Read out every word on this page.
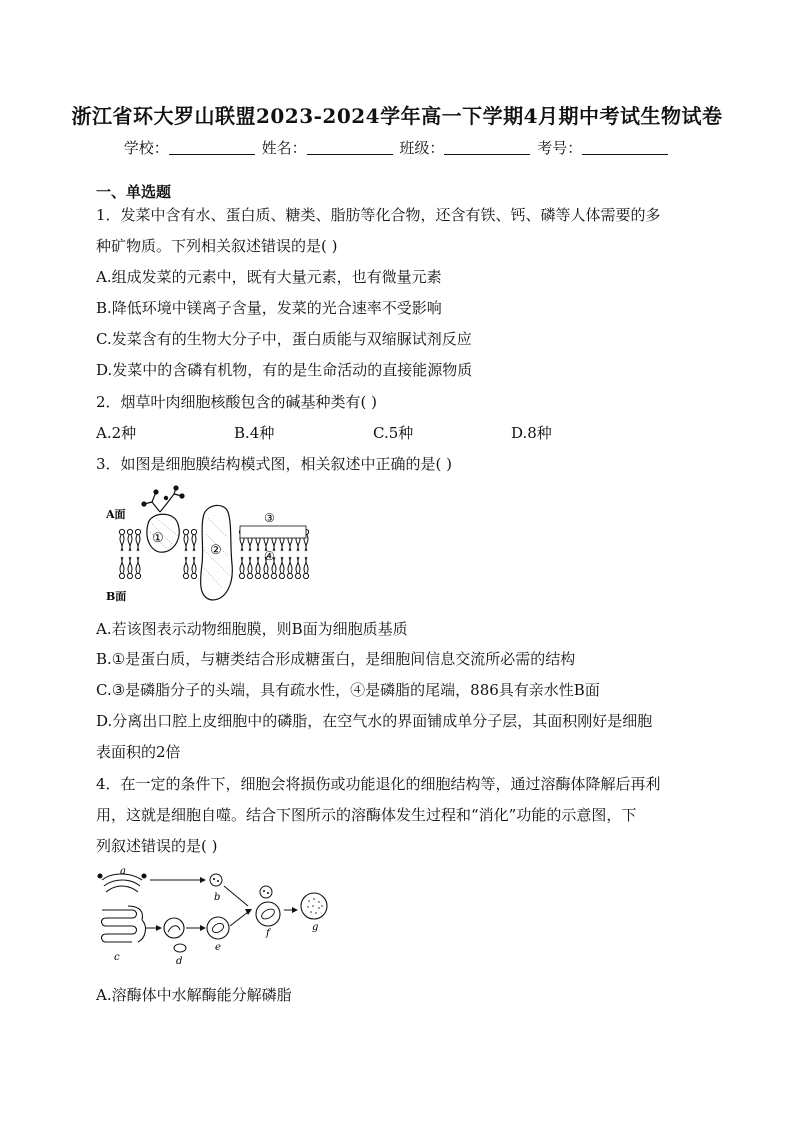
浙江省环大罗山联盟2023-2024学年高一下学期4月期中考试生物试卷
学校：	姓名：	班级：	考号：
一、单选题
1．发菜中含有水、蛋白质、糖类、脂肪等化合物，还含有铁、钙、磷等人体需要的多
种矿物质。下列相关叙述错误的是( )
A.组成发菜的元素中，既有大量元素，也有微量元素
B.降低环境中镁离子含量，发菜的光合速率不受影响
C.发菜含有的生物大分子中，蛋白质能与双缩脲试剂反应
D.发菜中的含磷有机物，有的是生命活动的直接能源物质
2．烟草叶肉细胞核酸包含的碱基种类有( )
A.2种	B.4种	C.5种	D.8种
3．如图是细胞膜结构模式图，相关叙述中正确的是( )
A面
B面
①
②
③
④
A.若该图表示动物细胞膜，则B面为细胞质基质
B.①是蛋白质，与糖类结合形成糖蛋白，是细胞间信息交流所必需的结构
C.③是磷脂分子的头端，具有疏水性，④是磷脂的尾端，886具有亲水性B面
D.分离出口腔上皮细胞中的磷脂，在空气水的界面铺成单分子层，其面积刚好是细胞
表面积的2倍
4．在一定的条件下，细胞会将损伤或功能退化的细胞结构等，通过溶酶体降解后再利
用，这就是细胞自噬。结合下图所示的溶酶体发生过程和“消化”功能的示意图，下
列叙述错误的是( )
a
b
c	d
e
f
g
A.溶酶体中水解酶能分解磷脂
